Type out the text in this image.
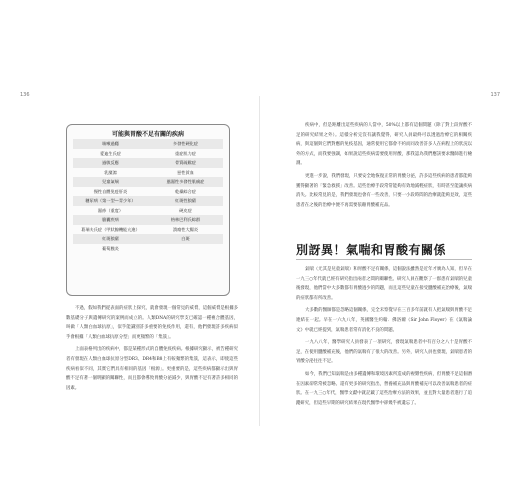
136	137
可能與胃酸不足有關的疾病
咳嗽過癮	多發性硬化症
愛迪生氏症	重症肌力症
過敏反應	骨質疏鬆症
乳糜瀉	惡性貧血
兒童氣喘	風濕性多發性肌痛症
慢性自體免疫肝炎	乾燥綜合症
糖尿病（第一型—青少年）	紅斑性狼瘡
濕疹（重度）	硬皮症
膽囊疾病	格林巴利氏綜群
葛瑞夫氏症（甲狀腺機能亢進）	潰瘍性大腸炎
紅斑狼瘡	白斑
葡萄膜炎

不過，假如我們從表面的症狀上探究，就會發現一個常見的威脅，這個威脅是根據多數基礎分子與遺傳研究的案例而成立的。人類DNA的研究學支已確認一種複合體基因，叫做「人類白血球抗原」，似乎能識別許多重要的免疫作用，還有，他們發現許多疾病似乎會根據「人類白血球抗原分型」而更頻繁的「集簇」。

上面表格列出的疾病中，都是某種形式的自體免疫疾病。根據研究顯示，被告種研究者有發現在人類白血球抗原分型DR3、DR4和B8上有較頻繁的集簇，這表示，即使這些疾病看似不同，其實它們具有相同的基因「根源」。更重要的是，這些疾病都顯示出與胃酸不足有著一個明顯的關聯性，而且都會導致胃酸分泌減少，與胃酸不足有著許多相同的因素。

疾病中，但是距離出這些疾病的人當中，50%以上都有這個問題（除了對上段胃酸不足的研究結果之外）。這樣分析完沒有讓我覺得，研究人員最終可以透過治療它的相關疾病，與這個與它們對應的免疫基因，通常使用它都會不約而同改善許多人在病程上的狀況以外的方式，而我要強調，如果說這些疾病需要使用胃酸，那我認為我們應該要求醫師進行檢測。

更進一步說，我們發現，只要安全地恢復正常的胃酸分泌，許多這些疾病的患者都能夠獲得顯著的「緊急救援」改善。這些治療手段常常能夠有效地減輕症狀，有時甚至能讓疾病消失。比較常見的是，我們發現也會有一些改善，只要一小段時間的治療就能夠見效，這些患者在之後的治療中便不再需要依賴胃酸補充品。

別訝異！氣喘和胃酸有關係

氣喘（尤其是兒童氣喘）和胃酸不足有關係，這個說法雖然是近年才廣為人知，但早在一九三○年代就已經有研究指出兩者之間的關聯性。研究人員在觀察了一群患有氣喘的兒童後發現，他們當中大多數都有胃酸過少的問題，而且這些兒童在接受鹽酸補充治療後，氣喘的症狀都有所改善。

大多數的醫師都是忽略這個關係，完全未察覺早在三百多年前就有人把氣喘與胃酸不足連結在一起。早在一六九八年，英國醫生約翰．佛洛爾（Sir John Floyer）在《氣喘論文》中就已經提到，氣喘患者常有消化不良的問題。

一九八八年，醫學研究人員發表了一項研究，發現氣喘患者中有百分之八十是胃酸不足，在使用鹽酸補充後，他們的氣喘有了很大的改善。另外，研究人員也發現，氣喘患者的胃酸分泌往往不足。

如今，我們已知氣喘是由多種遺傳和環境因素所造成的複雜性疾病，但胃酸不足這個潛在因素卻常常被忽略。還有更多的研究指出，營養補充品與胃酸補充可以改善氣喘患者的症狀。在一九三○年代，醫學文獻中就記載了這些治療方法的效果，並且對大量患者進行了追蹤研究，但這些早期的研究結果在現代醫學中卻幾乎被遺忘了。
